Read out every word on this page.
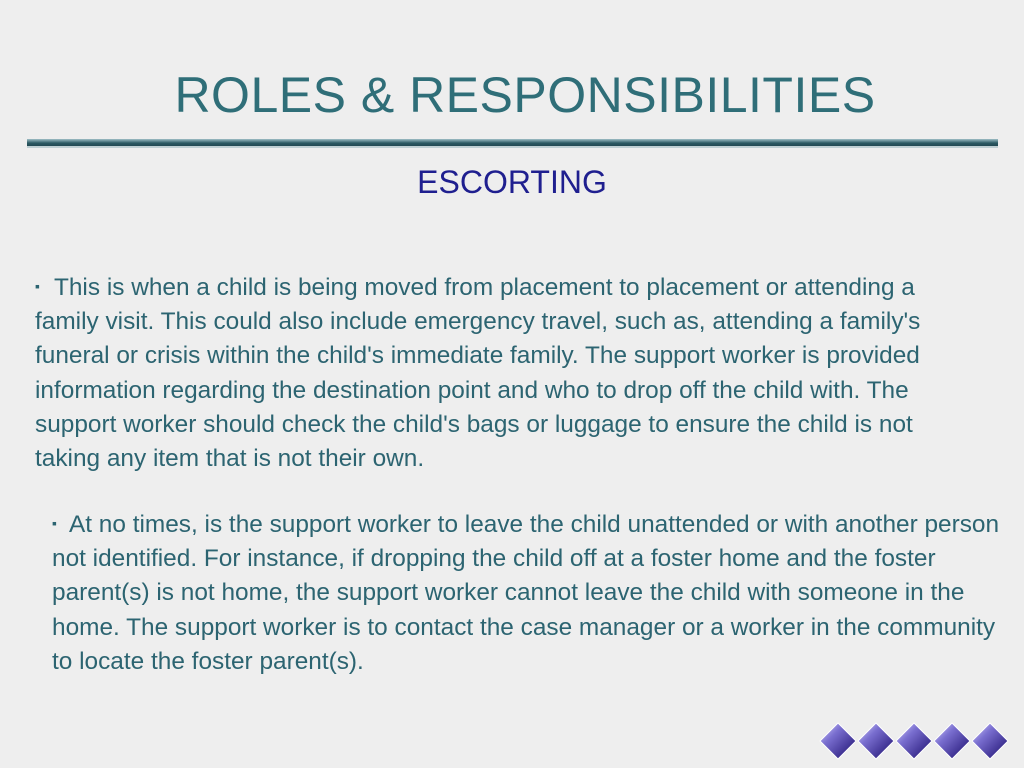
ROLES & RESPONSIBILITIES
ESCORTING
▪ This is when a child is being moved from placement to placement or attending a family visit. This could also include emergency travel, such as, attending a family's funeral or crisis within the child's immediate family. The support worker is provided information regarding the destination point and who to drop off the child with. The support worker should check the child's bags or luggage to ensure the child is not taking any item that is not their own.
▪ At no times, is the support worker to leave the child unattended or with another person not identified. For instance, if dropping the child off at a foster home and the foster parent(s) is not home, the support worker cannot leave the child with someone in the home. The support worker is to contact the case manager or a worker in the community to locate the foster parent(s).
